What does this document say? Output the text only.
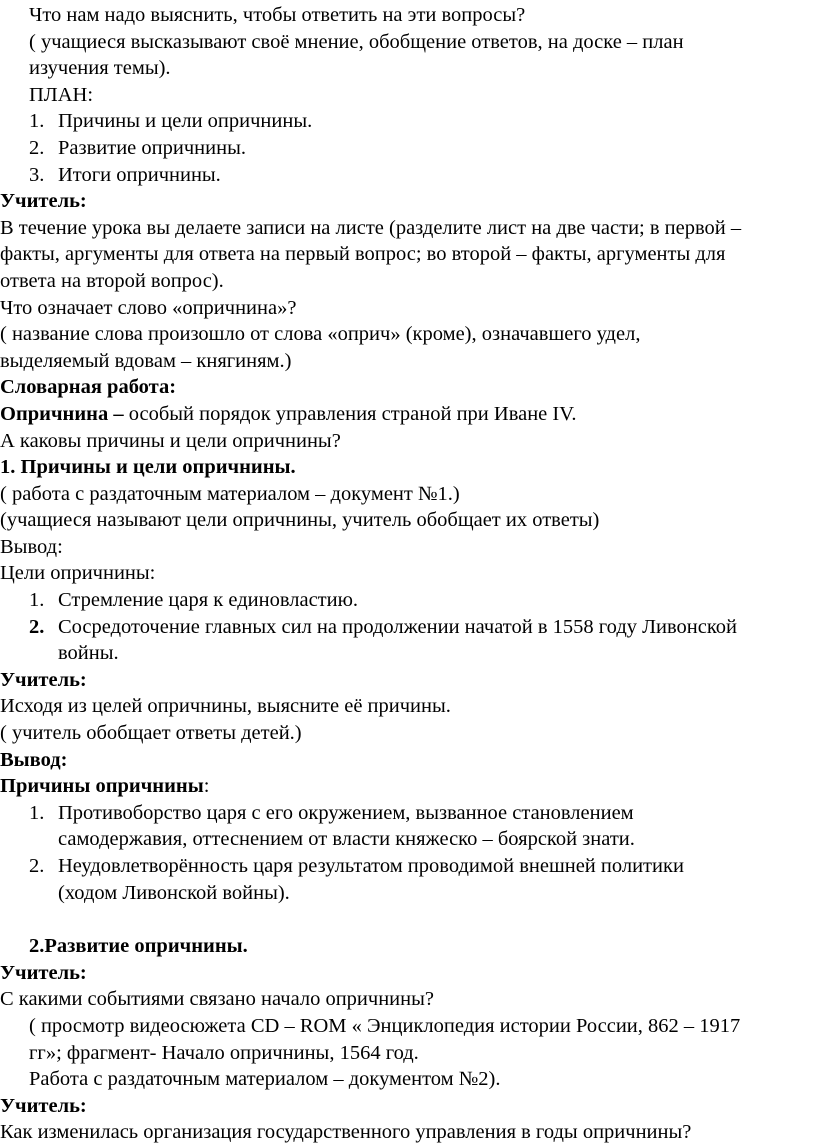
Что нам надо выяснить, чтобы ответить на эти вопросы?
( учащиеся высказывают своё мнение, обобщение ответов, на доске – план
изучения темы).
ПЛАН:
1. Причины и цели опричнины.
2. Развитие опричнины.
3. Итоги опричнины.
Учитель:
В течение урока вы делаете записи на листе (разделите лист на две части; в первой –
факты, аргументы для ответа на первый вопрос; во второй – факты, аргументы для
ответа на второй вопрос).
Что означает слово «опричнина»?
( название слова произошло от слова «оприч» (кроме), означавшего удел,
выделяемый вдовам – княгиням.)
Словарная работа:
Опричнина – особый порядок управления страной при Иване IV.
А каковы причины и цели опричнины?
1. Причины и цели опричнины.
( работа с раздаточным материалом – документ №1.)
(учащиеся называют цели опричнины, учитель обобщает их ответы)
Вывод:
Цели опричнины:
1. Стремление царя к единовластию.
2. Сосредоточение главных сил на продолжении начатой в 1558 году Ливонской
войны.
Учитель:
Исходя из целей опричнины, выясните её причины.
( учитель обобщает ответы детей.)
Вывод:
Причины опричнины:
1. Противоборство царя с его окружением, вызванное становлением
самодержавия, оттеснением от власти княжеско – боярской знати.
2. Неудовлетворённость царя результатом проводимой внешней политики
(ходом Ливонской войны).
2.Развитие опричнины.
Учитель:
С какими событиями связано начало опричнины?
( просмотр видеосюжета CD – ROM « Энциклопедия истории России, 862 – 1917
гг»; фрагмент- Начало опричнины, 1564 год.
Работа с раздаточным материалом – документом №2).
Учитель:
Как изменилась организация государственного управления в годы опричнины?
